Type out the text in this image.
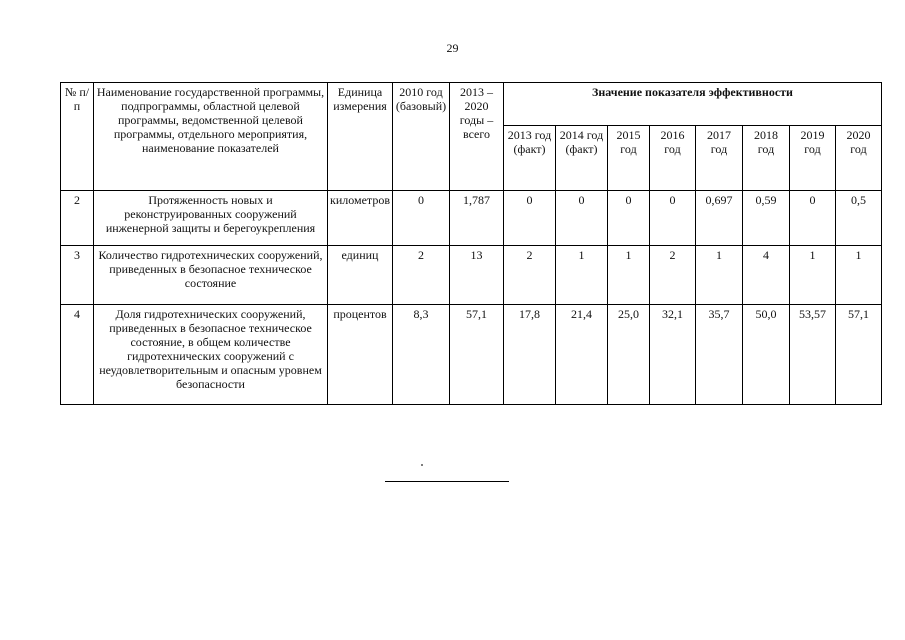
29
№ п/п	Наименование государственной программы, подпрограммы, областной целевой программы, ведомственной целевой программы, отдельного мероприятия, наименование показателей	Единица измерения	2010 год (базовый)	2013 – 2020 годы – всего	Значение показателя эффективности							
					2013 год (факт)	2014 год (факт)	2015 год	2016 год	2017 год	2018 год	2019 год	2020 год
2	Протяженность новых и реконструированных сооружений инженерной защиты и берегоукрепления	километров	0	1,787	0	0	0	0	0,697	0,59	0	0,5
3	Количество гидротехнических сооружений, приведенных в безопасное техническое состояние	единиц	2	13	2	1	1	2	1	4	1	1
4	Доля гидротехнических сооружений, приведенных в безопасное техническое состояние, в общем количестве гидротехнических сооружений с неудовлетворительным и опасным уровнем безопасности	процентов	8,3	57,1	17,8	21,4	25,0	32,1	35,7	50,0	53,57	57,1
